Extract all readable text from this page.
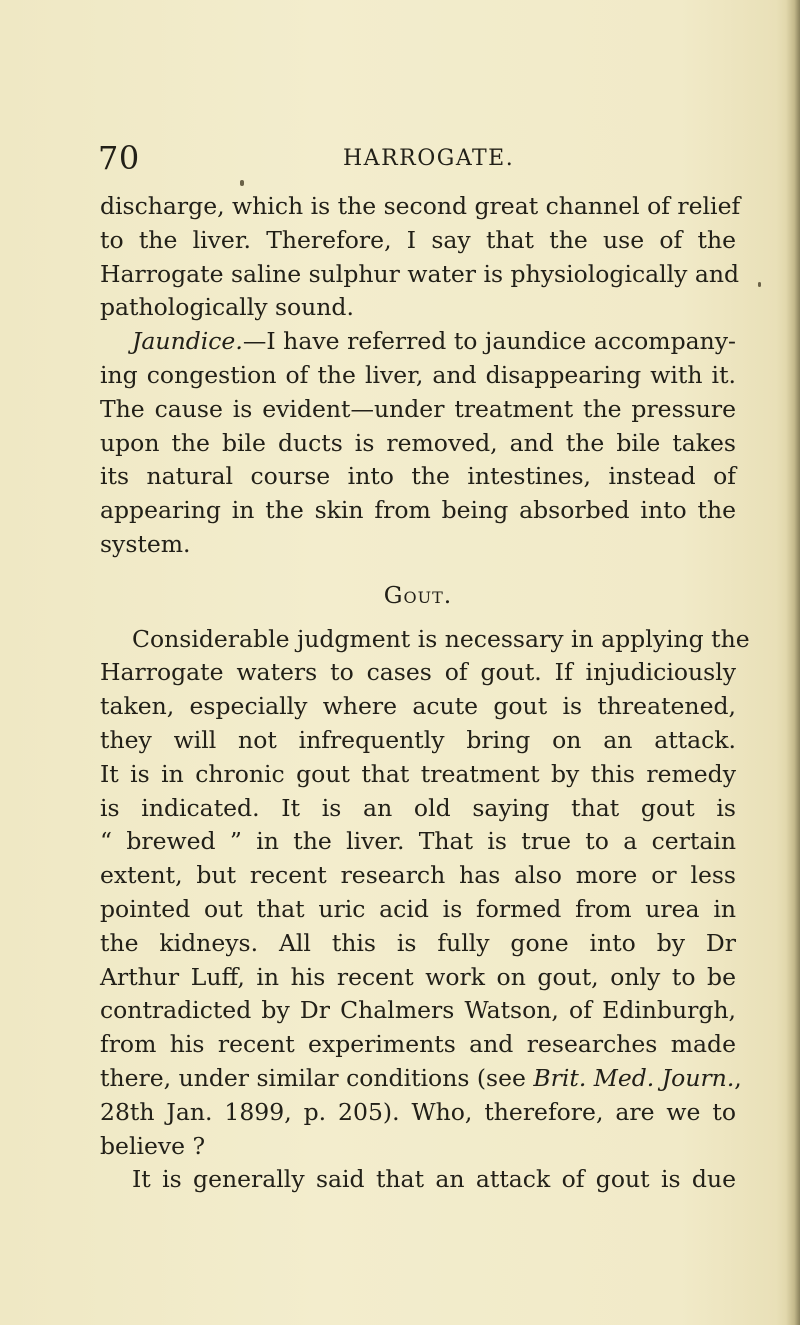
70	HARROGATE.
discharge, which is the second great channel of relief
to the liver. Therefore, I say that the use of the
Harrogate saline sulphur water is physiologically and
pathologically sound.
Jaundice.—I have referred to jaundice accompany-
ing congestion of the liver, and disappearing with it.
The cause is evident—under treatment the pressure
upon the bile ducts is removed, and the bile takes
its natural course into the intestines, instead of
appearing in the skin from being absorbed into the
system.
Gout.
Considerable judgment is necessary in applying the
Harrogate waters to cases of gout. If injudiciously
taken, especially where acute gout is threatened,
they will not infrequently bring on an attack.
It is in chronic gout that treatment by this remedy
is indicated. It is an old saying that gout is
“ brewed ” in the liver. That is true to a certain
extent, but recent research has also more or less
pointed out that uric acid is formed from urea in
the kidneys. All this is fully gone into by Dr
Arthur Luff, in his recent work on gout, only to be
contradicted by Dr Chalmers Watson, of Edinburgh,
from his recent experiments and researches made
there, under similar conditions (see Brit. Med. Journ.,
28th Jan. 1899, p. 205). Who, therefore, are we to
believe ?
It is generally said that an attack of gout is due
